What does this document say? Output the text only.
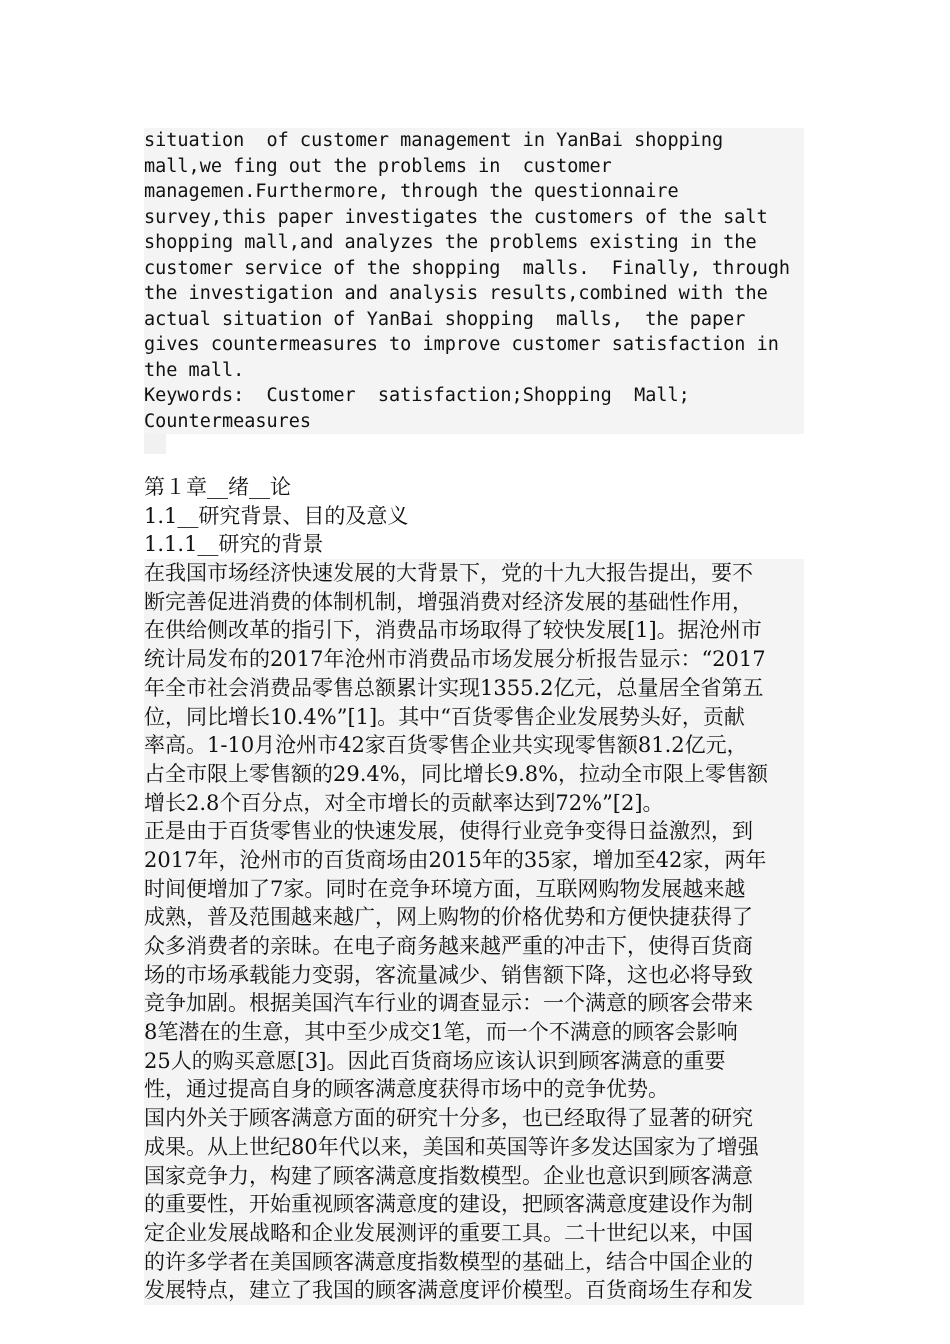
situation  of customer management in YanBai shopping
mall,we fing out the problems in  customer
managemen.Furthermore, through the questionnaire
survey,this paper investigates the customers of the salt
shopping mall,and analyzes the problems existing in the
customer service of the shopping  malls.  Finally, through
the investigation and analysis results,combined with the
actual situation of YanBai shopping  malls,  the paper
gives countermeasures to improve customer satisfaction in
the mall.
Keywords:  Customer  satisfaction;Shopping  Mall;
Countermeasures
第１章__绪__论
1.1__研究背景、目的及意义
1.1.1__研究的背景
在我国市场经济快速发展的大背景下，党的十九大报告提出，要不
断完善促进消费的体制机制，增强消费对经济发展的基础性作用，
在供给侧改革的指引下，消费品市场取得了较快发展[1]。据沧州市
统计局发布的2017年沧州市消费品市场发展分析报告显示：“2017
年全市社会消费品零售总额累计实现1355.2亿元，总量居全省第五
位，同比增长10.4%”[1]。其中“百货零售企业发展势头好，贡献
率高。1-10月沧州市42家百货零售企业共实现零售额81.2亿元，
占全市限上零售额的29.4%，同比增长9.8%，拉动全市限上零售额
增长2.8个百分点，对全市增长的贡献率达到72%”[2]。
正是由于百货零售业的快速发展，使得行业竞争变得日益激烈，到
2017年，沧州市的百货商场由2015年的35家，增加至42家，两年
时间便增加了7家。同时在竞争环境方面，互联网购物发展越来越
成熟，普及范围越来越广，网上购物的价格优势和方便快捷获得了
众多消费者的亲昧。在电子商务越来越严重的冲击下，使得百货商
场的市场承载能力变弱，客流量减少、销售额下降，这也必将导致
竞争加剧。根据美国汽车行业的调查显示：一个满意的顾客会带来
8笔潜在的生意，其中至少成交1笔，而一个不满意的顾客会影响
25人的购买意愿[3]。因此百货商场应该认识到顾客满意的重要
性，通过提高自身的顾客满意度获得市场中的竞争优势。
国内外关于顾客满意方面的研究十分多，也已经取得了显著的研究
成果。从上世纪80年代以来，美国和英国等许多发达国家为了增强
国家竞争力，构建了顾客满意度指数模型。企业也意识到顾客满意
的重要性，开始重视顾客满意度的建设，把顾客满意度建设作为制
定企业发展战略和企业发展测评的重要工具。二十世纪以来，中国
的许多学者在美国顾客满意度指数模型的基础上，结合中国企业的
发展特点，建立了我国的顾客满意度评价模型。百货商场生存和发
